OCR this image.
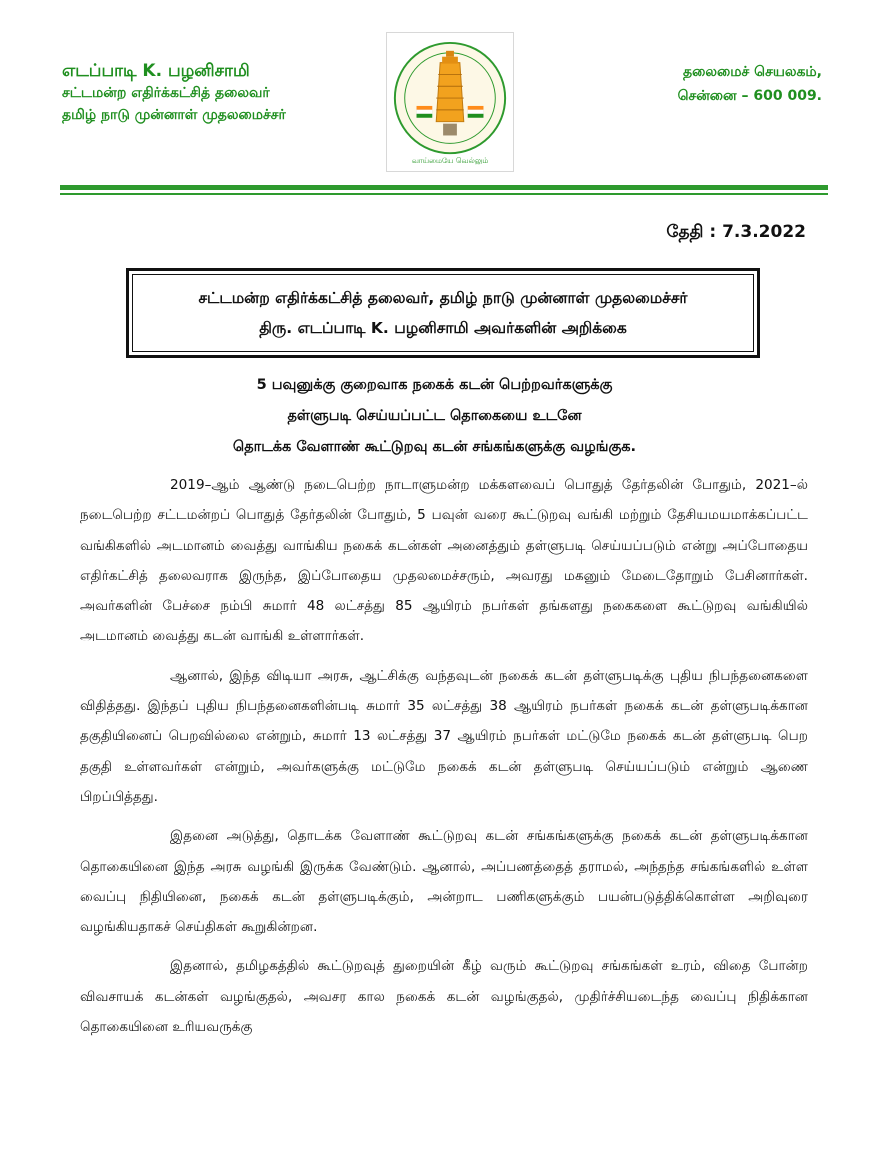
எடப்பாடி K. பழனிசாமி
சட்டமன்ற எதிர்க்கட்சித் தலைவர்
தமிழ் நாடு முன்னாள் முதலமைச்சர்
வாய்மையே வெல்லும்
தலைமைச் செயலகம்,
சென்னை – 600 009.
தேதி : 7.3.2022
சட்டமன்ற எதிர்க்கட்சித் தலைவர், தமிழ் நாடு முன்னாள் முதலமைச்சர்
திரு. எடப்பாடி K. பழனிசாமி அவர்களின் அறிக்கை
5 பவுனுக்கு குறைவாக நகைக் கடன் பெற்றவர்களுக்கு
தள்ளுபடி செய்யப்பட்ட தொகையை உடனே
தொடக்க வேளாண் கூட்டுறவு கடன் சங்கங்களுக்கு வழங்குக.

2019–ஆம் ஆண்டு நடைபெற்ற நாடாளுமன்ற மக்களவைப் பொதுத் தேர்தலின் போதும், 2021–ல் நடைபெற்ற சட்டமன்றப் பொதுத் தேர்தலின் போதும், 5 பவுன் வரை கூட்டுறவு வங்கி மற்றும் தேசியமயமாக்கப்பட்ட வங்கிகளில் அடமானம் வைத்து வாங்கிய நகைக் கடன்கள் அனைத்தும் தள்ளுபடி செய்யப்படும் என்று அப்போதைய எதிர்கட்சித் தலைவராக இருந்த, இப்போதைய முதலமைச்சரும், அவரது மகனும் மேடைதோறும் பேசினார்கள். அவர்களின் பேச்சை நம்பி சுமார் 48 லட்சத்து 85 ஆயிரம் நபர்கள் தங்களது நகைகளை கூட்டுறவு வங்கியில் அடமானம் வைத்து கடன் வாங்கி உள்ளார்கள்.

ஆனால், இந்த விடியா அரசு, ஆட்சிக்கு வந்தவுடன் நகைக் கடன் தள்ளுபடிக்கு புதிய நிபந்தனைகளை விதித்தது. இந்தப் புதிய நிபந்தனைகளின்படி சுமார் 35 லட்சத்து 38 ஆயிரம் நபர்கள் நகைக் கடன் தள்ளுபடிக்கான தகுதியினைப் பெறவில்லை என்றும், சுமார் 13 லட்சத்து 37 ஆயிரம் நபர்கள் மட்டுமே நகைக் கடன் தள்ளுபடி பெற தகுதி உள்ளவர்கள் என்றும், அவர்களுக்கு மட்டுமே நகைக் கடன் தள்ளுபடி செய்யப்படும் என்றும் ஆணை பிறப்பித்தது.

இதனை அடுத்து, தொடக்க வேளாண் கூட்டுறவு கடன் சங்கங்களுக்கு நகைக் கடன் தள்ளுபடிக்கான தொகையினை இந்த அரசு வழங்கி இருக்க வேண்டும். ஆனால், அப்பணத்தைத் தராமல், அந்தந்த சங்கங்களில் உள்ள வைப்பு நிதியினை, நகைக் கடன் தள்ளுபடிக்கும், அன்றாட பணிகளுக்கும் பயன்படுத்திக்கொள்ள அறிவுரை வழங்கியதாகச் செய்திகள் கூறுகின்றன.

இதனால், தமிழகத்தில் கூட்டுறவுத் துறையின் கீழ் வரும் கூட்டுறவு சங்கங்கள் உரம், விதை போன்ற விவசாயக் கடன்கள் வழங்குதல், அவசர கால நகைக் கடன் வழங்குதல், முதிர்ச்சியடைந்த வைப்பு நிதிக்கான தொகையினை உரியவருக்கு
